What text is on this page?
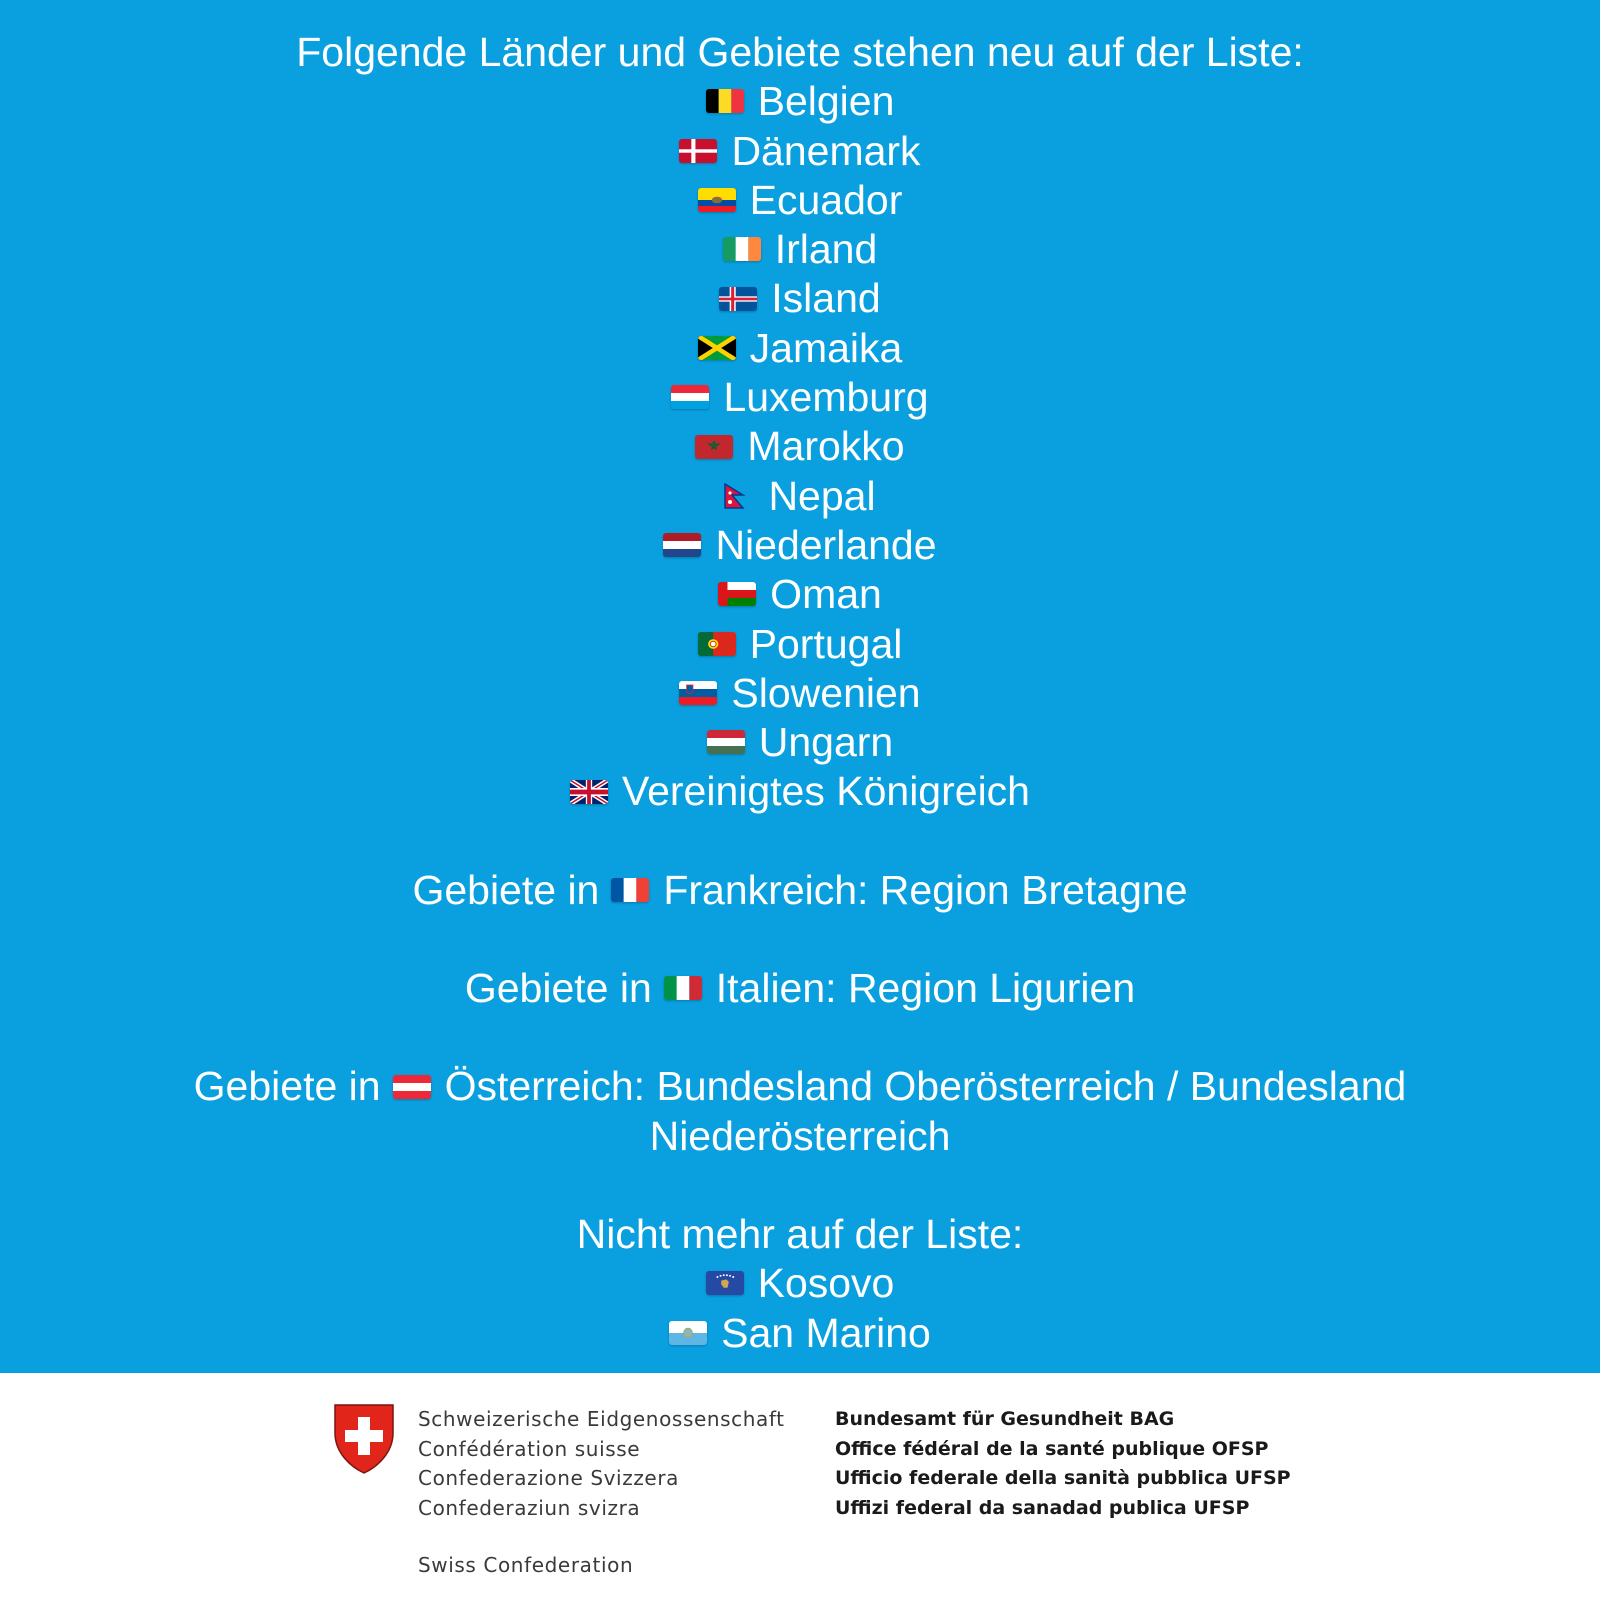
Folgende Länder und Gebiete stehen neu auf der Liste:
Belgien
Dänemark
Ecuador
Irland
Island
Jamaika
Luxemburg
Marokko
Nepal
Niederlande
Oman
Portugal
Slowenien
Ungarn
Vereinigtes Königreich
Gebiete in Frankreich: Region Bretagne
Gebiete in Italien: Region Ligurien
Gebiete in Österreich: Bundesland Oberösterreich / Bundesland
Niederösterreich
Nicht mehr auf der Liste:
Kosovo
San Marino
Schweizerische Eidgenossenschaft
Confédération suisse
Confederazione Svizzera
Confederaziun svizra
Swiss Confederation
Bundesamt für Gesundheit BAG
Office fédéral de la santé publique OFSP
Ufficio federale della sanità pubblica UFSP
Uffizi federal da sanadad publica UFSP
